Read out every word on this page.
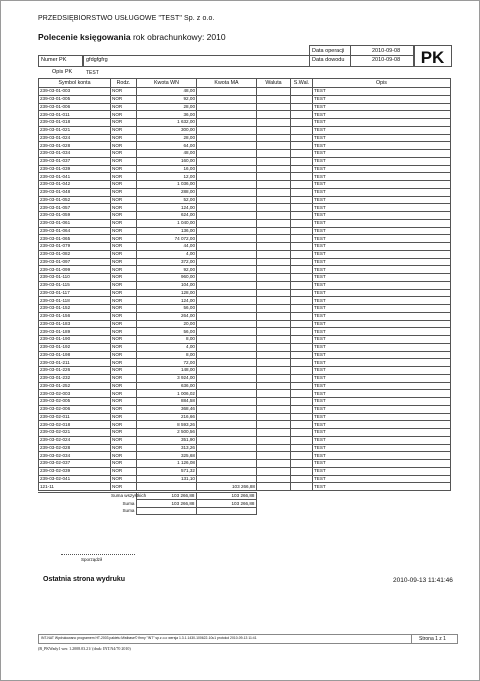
PRZEDSIĘBIORSTWO USŁUGOWE "TEST" Sp. z o.o.
Polecenie księgowania rok obrachunkowy: 2010
Numer PK	gfdgfgfrg
Opis PK	TEST
Data operacji	2010-09-08
Data dowodu	2010-09-08	PK
Symbol konta	Rodz.	Kwota WN	Kwota MA	Waluta	S.Wal.	Opis
239-03-01-003	NOR	48,00				TEST
239-03-01-005	NOR	92,00				TEST
239-03-01-006	NOR	28,00				TEST
239-03-01-011	NOR	36,00				TEST
239-03-01-018	NOR	1 632,00				TEST
239-03-01-021	NOR	300,00				TEST
239-03-01-024	NOR	28,00				TEST
239-03-01-028	NOR	64,00				TEST
239-03-01-034	NOR	48,00				TEST
239-03-01-037	NOR	160,00				TEST
239-03-01-039	NOR	16,00				TEST
239-03-01-041	NOR	12,00				TEST
239-03-01-042	NOR	1 036,00				TEST
239-03-01-048	NOR	288,00				TEST
239-03-01-052	NOR	52,00				TEST
239-03-01-057	NOR	124,00				TEST
239-03-01-059	NOR	624,00				TEST
239-03-01-061	NOR	1 040,00				TEST
239-03-01-064	NOR	136,00				TEST
239-03-01-065	NOR	74 072,00				TEST
239-03-01-079	NOR	44,00				TEST
239-03-01-082	NOR	4,00				TEST
239-03-01-097	NOR	372,00				TEST
239-03-01-099	NOR	92,00				TEST
239-03-01-110	NOR	960,00				TEST
239-03-01-115	NOR	104,00				TEST
239-03-01-117	NOR	128,00				TEST
239-03-01-118	NOR	124,00				TEST
239-03-01-152	NOR	56,00				TEST
239-03-01-156	NOR	264,00				TEST
239-03-01-183	NOR	20,00				TEST
239-03-01-189	NOR	56,00				TEST
239-03-01-190	NOR	8,00				TEST
239-03-01-192	NOR	4,00				TEST
239-03-01-198	NOR	8,00				TEST
239-03-01-211	NOR	72,00				TEST
239-03-01-226	NOR	148,00				TEST
239-03-01-232	NOR	3 924,00				TEST
239-03-01-252	NOR	636,00				TEST
239-03-02-003	NOR	1 006,02				TEST
239-03-02-005	NOR	884,58				TEST
239-03-02-006	NOR	368,46				TEST
239-03-02-011	NOR	216,66				TEST
239-03-02-018	NOR	8 593,26				TEST
239-03-02-021	NOR	2 500,56				TEST
239-03-02-024	NOR	351,90				TEST
239-03-02-028	NOR	313,26				TEST
239-03-02-034	NOR	325,68				TEST
239-03-02-037	NOR	1 126,08				TEST
239-03-02-039	NOR	571,32				TEST
239-03-02-041	NOR	131,10				TEST
121-11	NOR		103 266,88			TEST
	Suma wszystkich	103 266,88	103 266,88	
	Suma	103 266,88	103 266,88	
	Suma			
Sporządził
Ostatnia strona wydruku	2010-09-13 11:41:46
INT-NAT Wydrukowano programem HT-2003 pakietu Mistbase© firmy "INT" sp.z.o.o wersja 1.3.1.1430-100622-10u1 protokol 2010-09-13 11:41	Strona 1 z 1
(B_PKWady1 wer. 1.2008.03.21/ (druk: INT.N4/70 2010)
